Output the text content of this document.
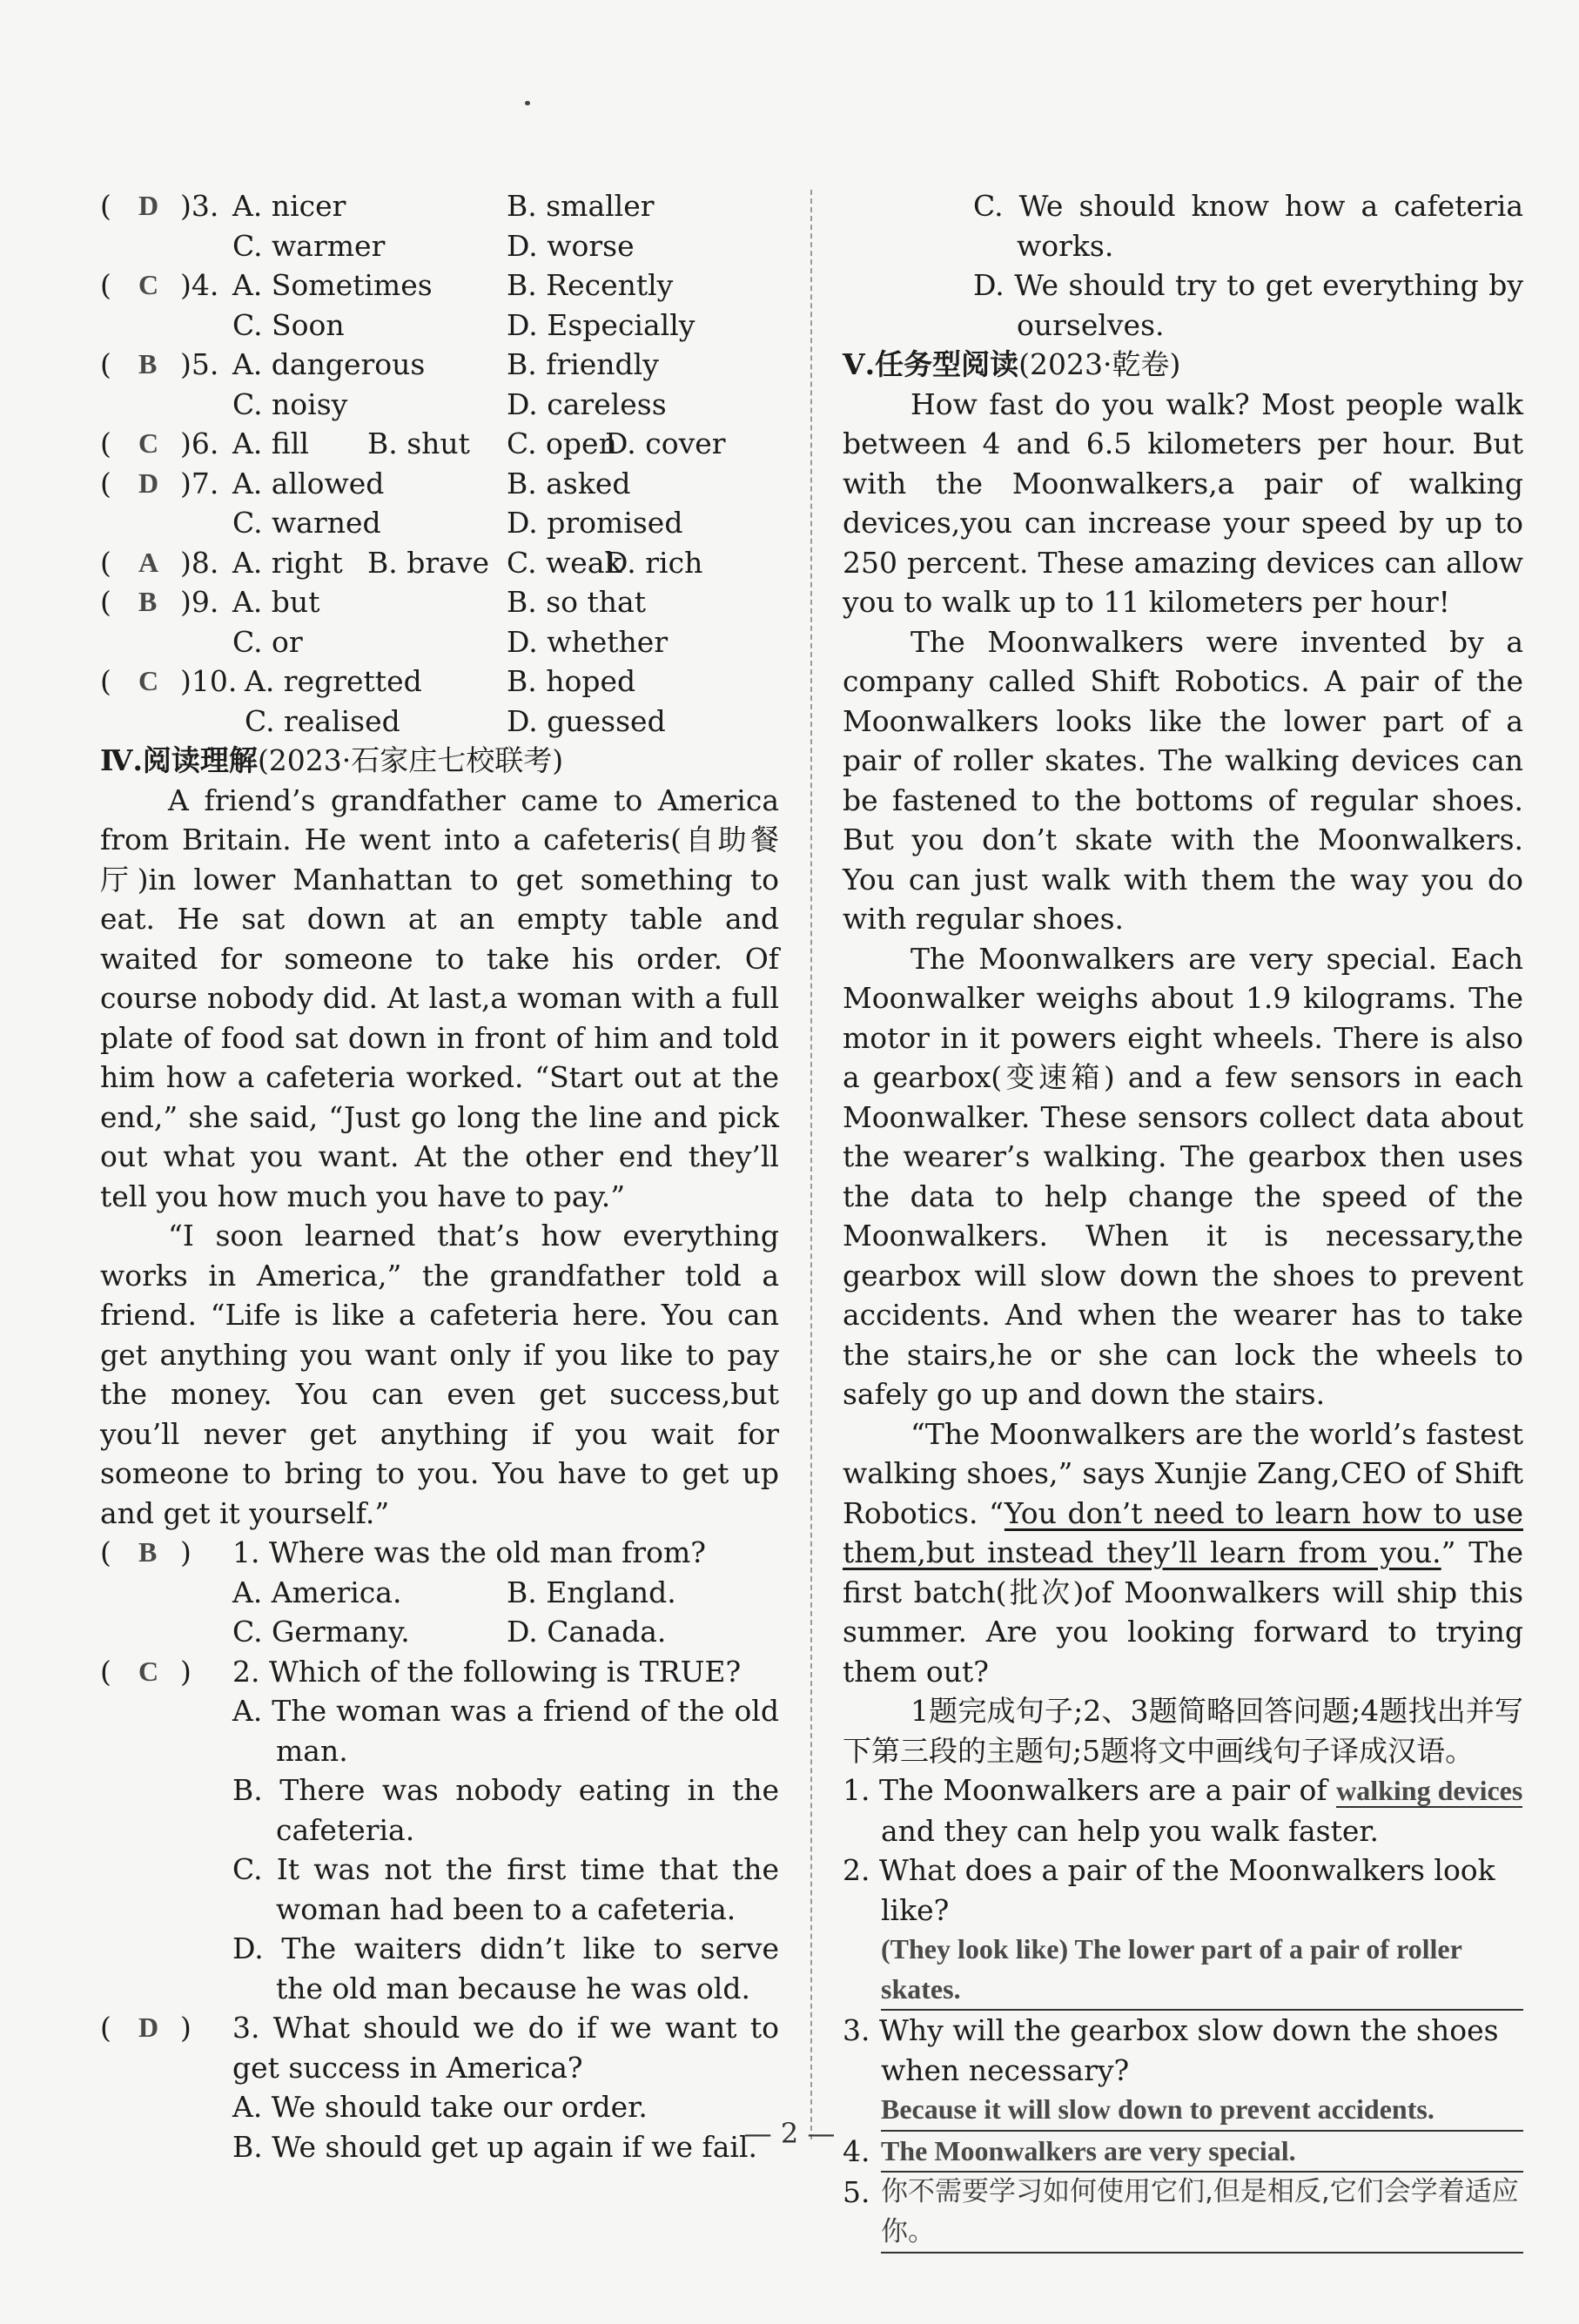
( D )3. A. nicer	B. smaller
C. warmer	D. worse
( C )4. A. Sometimes	B. Recently
C. Soon	D. Especially
( B )5. A. dangerous	B. friendly
C. noisy	D. careless
( C )6. A. fill B. shut C. open
D. cover
( D )7. A. allowed	B. asked
C. warned	D. promised
( A )8. A. right B. brave C. weak
D. rich
( B )9. A. but	B. so that
C. or	D. whether
( C )10. A. regretted	B. hoped
C. realised	D. guessed
Ⅳ.阅读理解(2023·石家庄七校联考)

A friend’s grandfather came to America from Britain. He went into a cafeteris(自助餐厅)in lower Manhattan to get something to eat. He sat down at an empty table and waited for someone to take his order. Of course nobody did. At last,a woman with a full plate of food sat down in front of him and told him how a cafeteria worked. “Start out at the end,” she said, “Just go long the line and pick out what you want. At the other end they’ll tell you how much you have to pay.”

“I soon learned that’s how everything works in America,” the grandfather told a friend. “Life is like a cafeteria here. You can get anything you want only if you like to pay the money. You can even get success,but you’ll never get anything if you wait for someone to bring to you. You have to get up and get it yourself.”

( B ) 1. Where was the old man from?
A. America.	B. England.
C. Germany.	D. Canada.
( C ) 2. Which of the following is TRUE?

A. The woman was a friend of the old man.

B. There was nobody eating in the cafeteria.

C. It was not the first time that the woman had been to a cafeteria.

D. The waiters didn’t like to serve the old man because he was old.

( D )	3. What should we do if we want to get success in America?

A. We should take our order.

B. We should get up again if we fail.

C. We should know how a cafeteria works.

D. We should try to get everything by ourselves.

Ⅴ.任务型阅读(2023·乾卷)

How fast do you walk? Most people walk between 4 and 6.5 kilometers per hour. But with the Moonwalkers,a pair of walking devices,you can increase your speed by up to 250 percent. These amazing devices can allow you to walk up to 11 kilometers per hour!

The Moonwalkers were invented by a company called Shift Robotics. A pair of the Moonwalkers looks like the lower part of a pair of roller skates. The walking devices can be fastened to the bottoms of regular shoes. But you don’t skate with the Moonwalkers. You can just walk with them the way you do with regular shoes.

The Moonwalkers are very special. Each Moonwalker weighs about 1.9 kilograms. The motor in it powers eight wheels. There is also a gearbox(变速箱) and a few sensors in each Moonwalker. These sensors collect data about the wearer’s walking. The gearbox then uses the data to help change the speed of the Moonwalkers. When it is necessary,the gearbox will slow down the shoes to prevent accidents. And when the wearer has to take the stairs,he or she can lock the wheels to safely go up and down the stairs.

“The Moonwalkers are the world’s fastest walking shoes,” says Xunjie Zang,CEO of Shift Robotics. “You don’t need to learn how to use them,but instead they’ll learn from you.” The first batch(批次)of Moonwalkers will ship this summer. Are you looking forward to trying them out?

1题完成句子;2、3题简略回答问题;4题找出并写下第三段的主题句;5题将文中画线句子译成汉语。

1. The Moonwalkers are a pair of walking devices and they can help you walk faster.

2. What does a pair of the Moonwalkers look like?

(They look like) The lower part of a pair of roller skates.

3. Why will the gearbox slow down the shoes when necessary?

Because it will slow down to prevent accidents.

4. The Moonwalkers are very special.

5. 你不需要学习如何使用它们,但是相反,它们会学着适应你。

— 2 —
